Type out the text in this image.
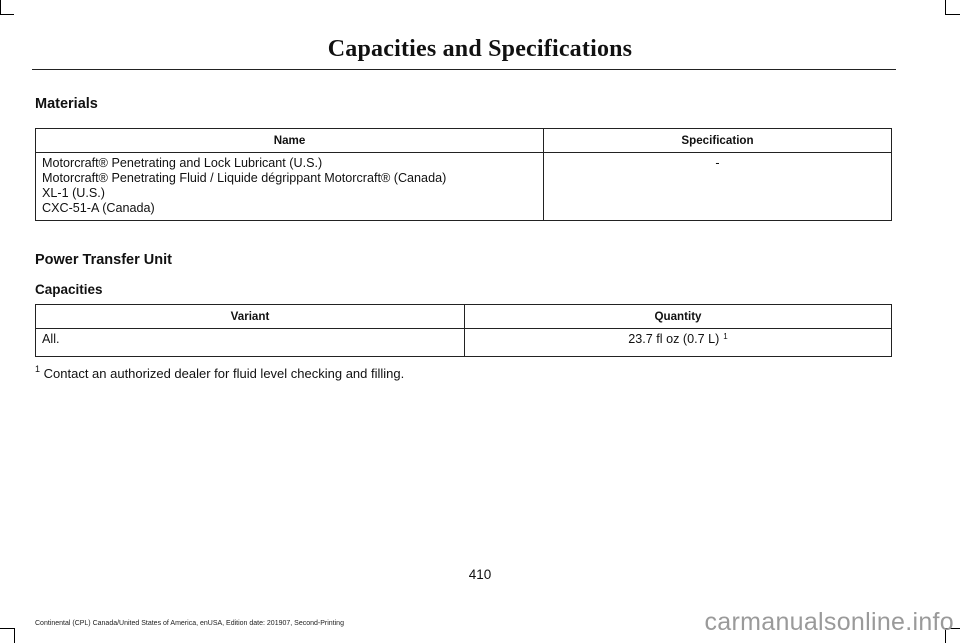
Capacities and Specifications
Materials
Name	Specification

Motorcraft® Penetrating and Lock Lubricant (U.S.)
Motorcraft® Penetrating Fluid / Liquide dégrippant Motorcraft® (Canada)
XL-1 (U.S.)
CXC-51-A (Canada)	-
Power Transfer Unit
Capacities
Variant	Quantity
All.	23.7 fl oz (0.7 L) $^1$
$^1$ Contact an authorized dealer for fluid level checking and filling.
410
Continental (CPL) Canada/United States of America, enUSA, Edition date: 201907, Second-Printing	carmanualsonline.info
